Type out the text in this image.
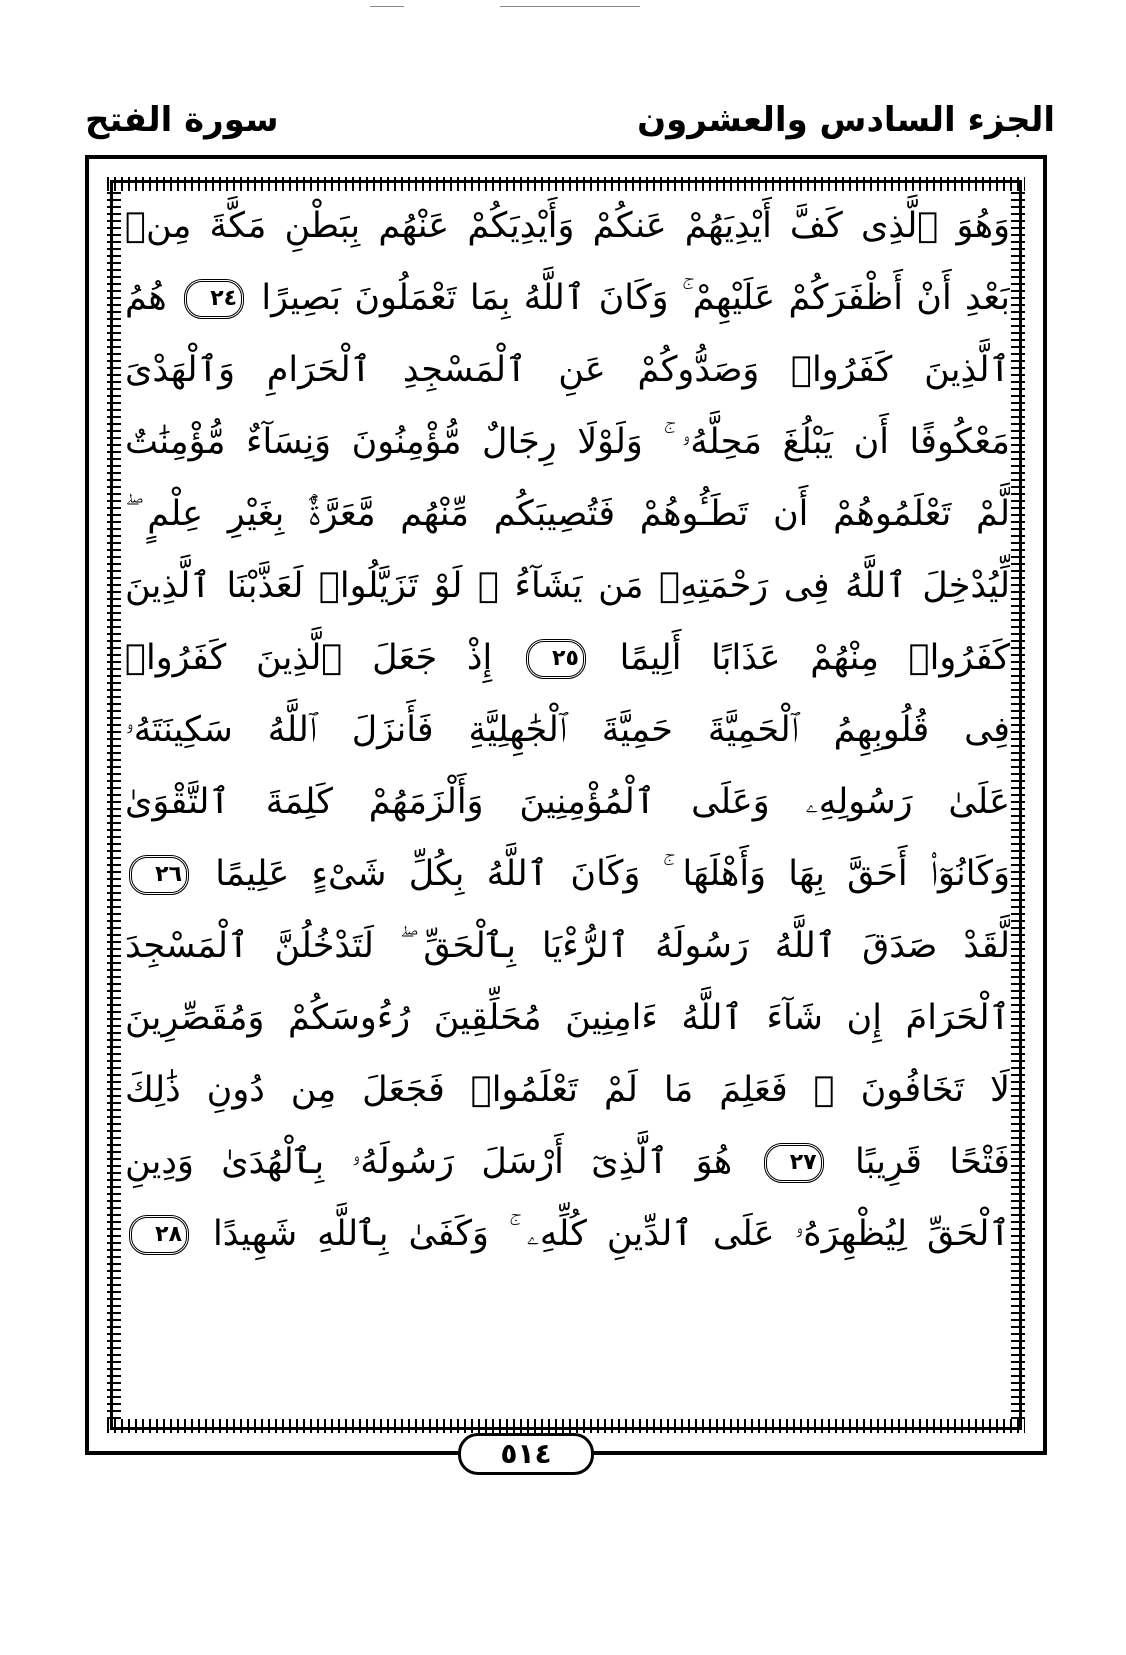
الجزء السادس والعشرون
سورة الفتح
وَهُوَ ٱلَّذِى كَفَّ أَيْدِيَهُمْ عَنكُمْ وَأَيْدِيَكُمْ عَنْهُم بِبَطْنِ مَكَّةَ مِنۢ
بَعْدِ أَنْ أَظْفَرَكُمْ عَلَيْهِمْ ۚ وَكَانَ ٱللَّهُ بِمَا تَعْمَلُونَ بَصِيرًا ٢٤ هُمُ
ٱلَّذِينَ كَفَرُوا۟ وَصَدُّوكُمْ عَنِ ٱلْمَسْجِدِ ٱلْحَرَامِ وَٱلْهَدْىَ
مَعْكُوفًا أَن يَبْلُغَ مَحِلَّهُۥ ۚ وَلَوْلَا رِجَالٌ مُّؤْمِنُونَ وَنِسَآءٌ مُّؤْمِنَٰتٌ
لَّمْ تَعْلَمُوهُمْ أَن تَطَـُٔوهُمْ فَتُصِيبَكُم مِّنْهُم مَّعَرَّةٌۢ بِغَيْرِ عِلْمٍ ۖ
لِّيُدْخِلَ ٱللَّهُ فِى رَحْمَتِهِۦ مَن يَشَآءُ ۚ لَوْ تَزَيَّلُوا۟ لَعَذَّبْنَا ٱلَّذِينَ
كَفَرُوا۟ مِنْهُمْ عَذَابًا أَلِيمًا ٢٥ إِذْ جَعَلَ ٱلَّذِينَ كَفَرُوا۟
فِى قُلُوبِهِمُ ٱلْحَمِيَّةَ حَمِيَّةَ ٱلْجَٰهِلِيَّةِ فَأَنزَلَ ٱللَّهُ سَكِينَتَهُۥ
عَلَىٰ رَسُولِهِۦ وَعَلَى ٱلْمُؤْمِنِينَ وَأَلْزَمَهُمْ كَلِمَةَ ٱلتَّقْوَىٰ
وَكَانُوٓا۟ أَحَقَّ بِهَا وَأَهْلَهَا ۚ وَكَانَ ٱللَّهُ بِكُلِّ شَىْءٍ عَلِيمًا ٢٦
لَّقَدْ صَدَقَ ٱللَّهُ رَسُولَهُ ٱلرُّءْيَا بِٱلْحَقِّ ۖ لَتَدْخُلُنَّ ٱلْمَسْجِدَ
ٱلْحَرَامَ إِن شَآءَ ٱللَّهُ ءَامِنِينَ مُحَلِّقِينَ رُءُوسَكُمْ وَمُقَصِّرِينَ
لَا تَخَافُونَ ۖ فَعَلِمَ مَا لَمْ تَعْلَمُوا۟ فَجَعَلَ مِن دُونِ ذَٰلِكَ
فَتْحًا قَرِيبًا ٢٧ هُوَ ٱلَّذِىٓ أَرْسَلَ رَسُولَهُۥ بِٱلْهُدَىٰ وَدِينِ
ٱلْحَقِّ لِيُظْهِرَهُۥ عَلَى ٱلدِّينِ كُلِّهِۦ ۚ وَكَفَىٰ بِٱللَّهِ شَهِيدًا ٢٨
٥١٤
